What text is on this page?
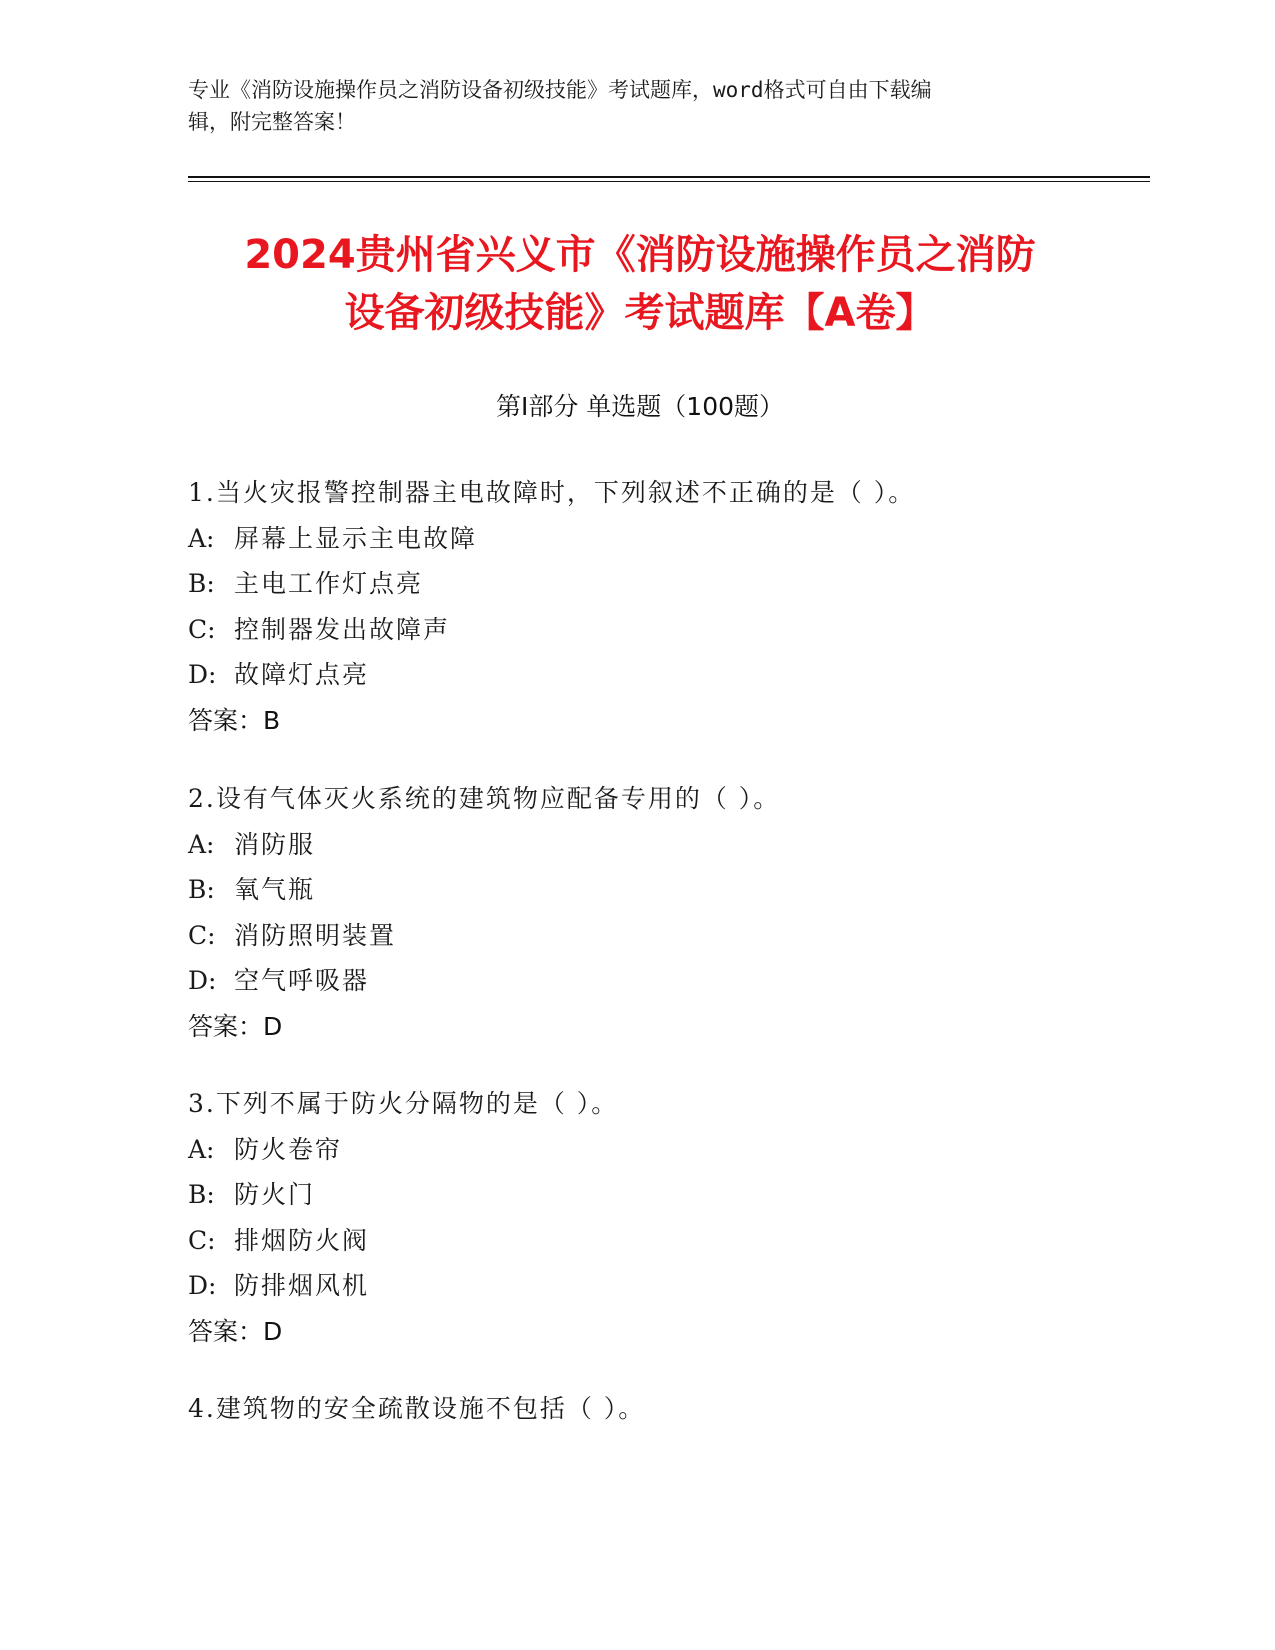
专业《消防设施操作员之消防设备初级技能》考试题库，word格式可自由下载编
辑，附完整答案！
2024贵州省兴义市《消防设施操作员之消防
设备初级技能》考试题库【A卷】
第Ⅰ部分 单选题（100题）
1.当火灾报警控制器主电故障时，下列叙述不正确的是（ ）。
A: 屏幕上显示主电故障
B: 主电工作灯点亮
C: 控制器发出故障声
D: 故障灯点亮
答案：B
2.设有气体灭火系统的建筑物应配备专用的（ ）。
A: 消防服
B: 氧气瓶
C: 消防照明装置
D: 空气呼吸器
答案：D
3.下列不属于防火分隔物的是（ ）。
A: 防火卷帘
B: 防火门
C: 排烟防火阀
D: 防排烟风机
答案：D
4.建筑物的安全疏散设施不包括（ ）。
